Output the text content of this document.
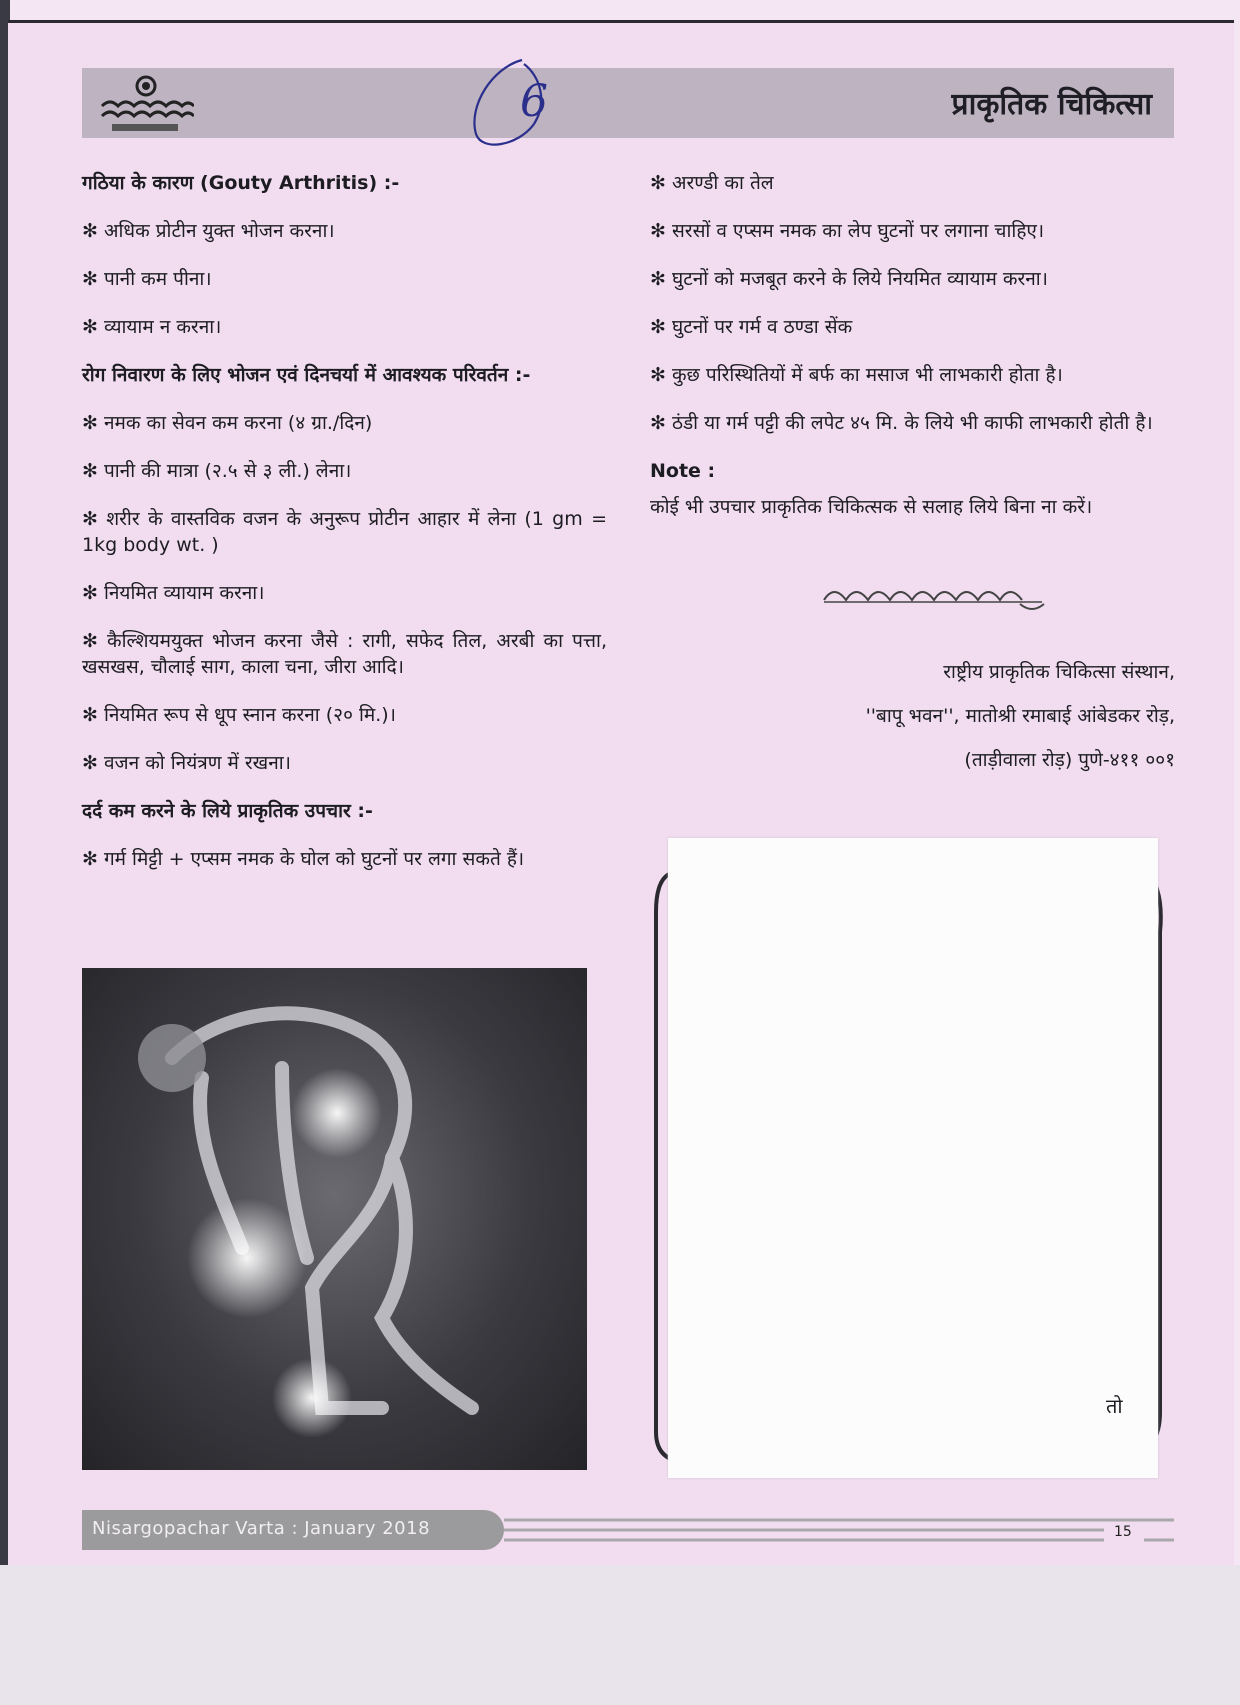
प्राकृतिक चिकित्सा
6
गठिया के कारण (Gouty Arthritis) :-
✻ अधिक प्रोटीन युक्त भोजन करना।
✻ पानी कम पीना।
✻ व्यायाम न करना।
रोग निवारण के लिए भोजन एवं दिनचर्या में आवश्यक परिवर्तन :-
✻ नमक का सेवन कम करना (४ ग्रा./दिन)
✻ पानी की मात्रा (२.५ से ३ ली.) लेना।
✻ शरीर के वास्तविक वजन के अनुरूप प्रोटीन आहार में लेना (1 gm = 1kg body wt. )
✻ नियमित व्यायाम करना।
✻ कैल्शियमयुक्त भोजन करना जैसे : रागी, सफेद तिल, अरबी का पत्ता, खसखस, चौलाई साग, काला चना, जीरा आदि।
✻ नियमित रूप से धूप स्नान करना (२० मि.)।
✻ वजन को नियंत्रण में रखना।
दर्द कम करने के लिये प्राकृतिक उपचार :-
✻ गर्म मिट्टी + एप्सम नमक के घोल को घुटनों पर लगा सकते हैं।
✻ अरण्डी का तेल
✻ सरसों व एप्सम नमक का लेप घुटनों पर लगाना चाहिए।
✻ घुटनों को मजबूत करने के लिये नियमित व्यायाम करना।
✻ घुटनों पर गर्म व ठण्डा सेंक
✻ कुछ परिस्थितियों में बर्फ का मसाज भी लाभकारी होता है।
✻ ठंडी या गर्म पट्टी की लपेट ४५ मि. के लिये भी काफी लाभकारी होती है।
Note :
कोई भी उपचार प्राकृतिक चिकित्सक से सलाह लिये बिना ना करें।
राष्ट्रीय प्राकृतिक चिकित्सा संस्थान,
''बापू भवन'', मातोश्री रमाबाई आंबेडकर रोड़,
(ताड़ीवाला रोड़) पुणे-४११ ००१
तो
Nisargopachar Varta : January 2018	15
